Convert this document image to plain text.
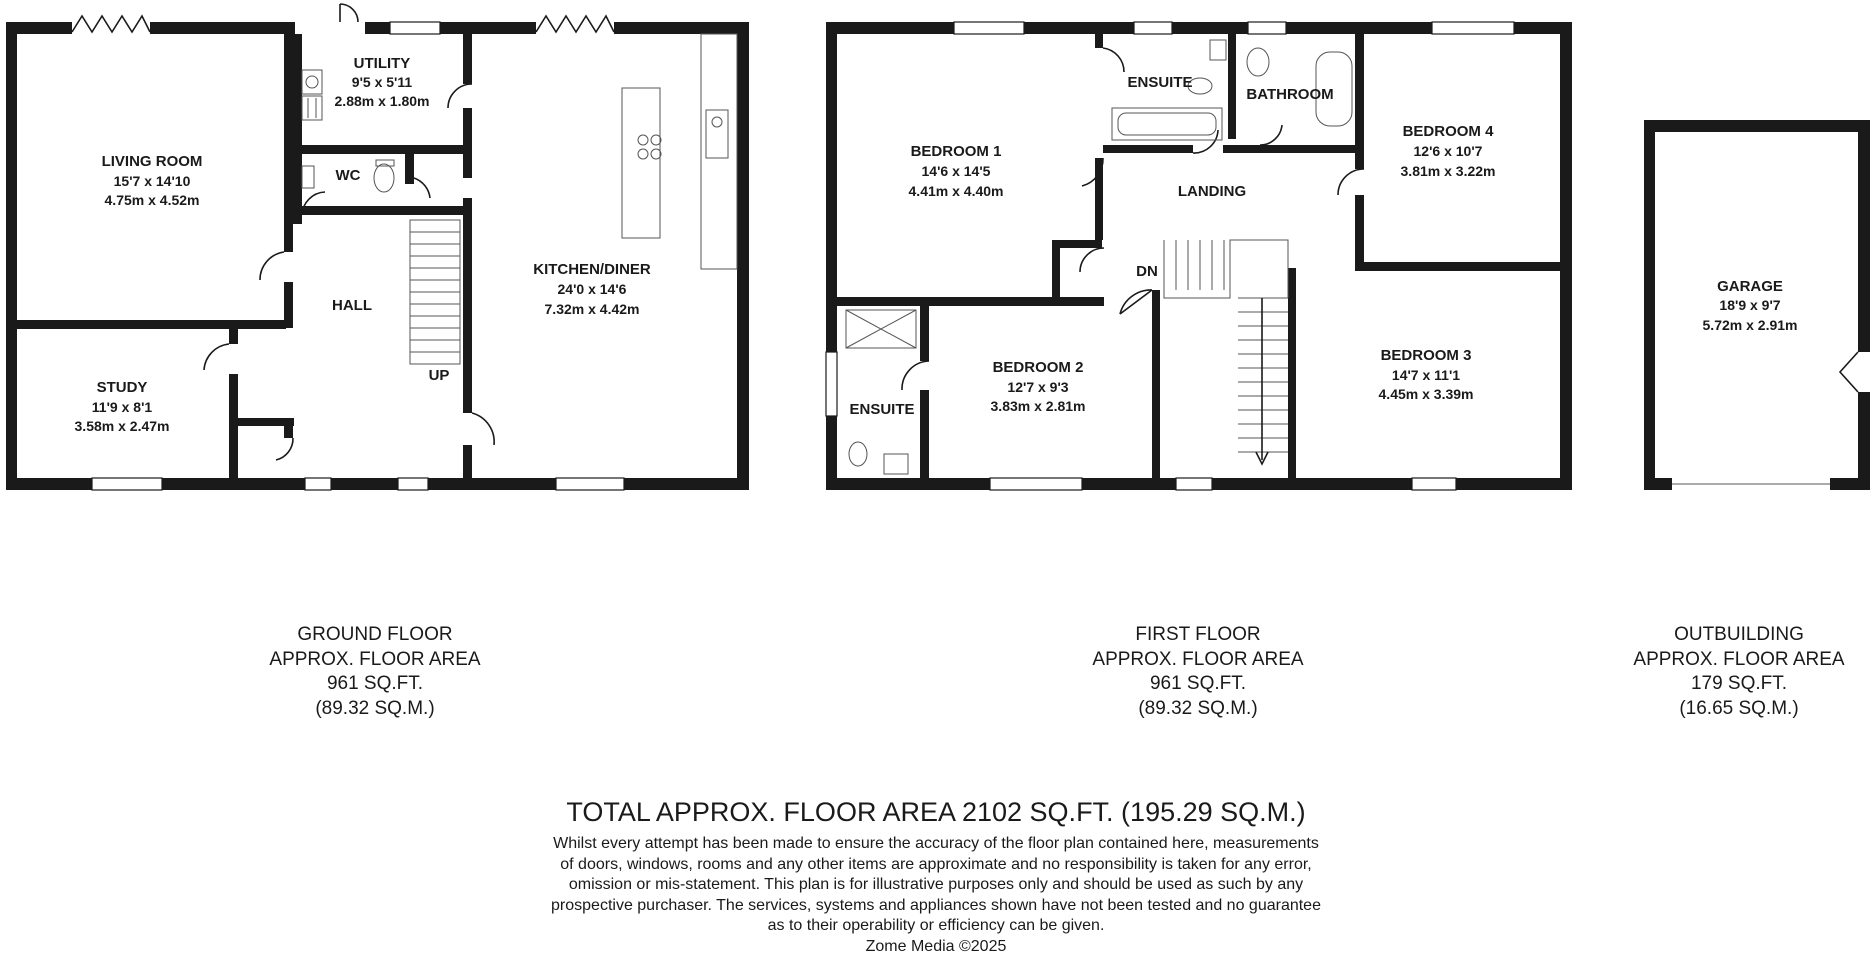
LIVING ROOM
15'7 x 14'10
4.75m x 4.52m
UTILITY
9'5 x 5'11
2.88m x 1.80m
WC
HALL
KITCHEN/DINER
24'0 x 14'6
7.32m x 4.42m
STUDY
11'9 x 8'1
3.58m x 2.47m
UP
BEDROOM 1
14'6 x 14'5
4.41m x 4.40m
ENSUITE
BATHROOM
BEDROOM 4
12'6 x 10'7
3.81m x 3.22m
LANDING
DN
BEDROOM 2
12'7 x 9'3
3.83m x 2.81m
ENSUITE
BEDROOM 3
14'7 x 11'1
4.45m x 3.39m
GARAGE
18'9 x 9'7
5.72m x 2.91m
GROUND FLOOR
APPROX. FLOOR AREA
961 SQ.FT.
(89.32 SQ.M.)
FIRST FLOOR
APPROX. FLOOR AREA
961 SQ.FT.
(89.32 SQ.M.)
OUTBUILDING
APPROX. FLOOR AREA
179 SQ.FT.
(16.65 SQ.M.)
TOTAL APPROX. FLOOR AREA 2102 SQ.FT. (195.29 SQ.M.)
Whilst every attempt has been made to ensure the accuracy of the floor plan contained here, measurements
of doors, windows, rooms and any other items are approximate and no responsibility is taken for any error,
omission or mis-statement. This plan is for illustrative purposes only and should be used as such by any
prospective purchaser. The services, systems and appliances shown have not been tested and no guarantee
as to their operability or efficiency can be given.
Zome Media ©2025
